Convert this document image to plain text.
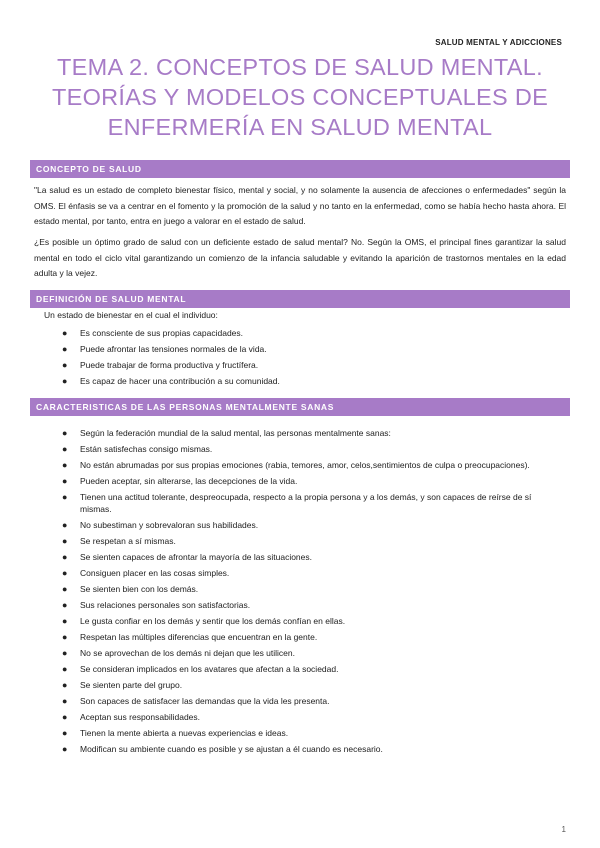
SALUD MENTAL Y ADICCIONES
TEMA 2. CONCEPTOS DE SALUD MENTAL.
TEORÍAS Y MODELOS CONCEPTUALES DE
ENFERMERÍA EN SALUD MENTAL
CONCEPTO DE SALUD
"La salud es un estado de completo bienestar físico, mental y social, y no solamente la ausencia de afecciones o enfermedades" según la OMS. El énfasis se va a centrar en el fomento y la promoción de la salud y no tanto en la enfermedad, como se había hecho hasta ahora. El estado mental, por tanto, entra en juego a valorar en el estado de salud.
¿Es posible un óptimo grado de salud con un deficiente estado de salud mental? No. Según la OMS, el principal fines garantizar la salud mental en todo el ciclo vital garantizando un comienzo de la infancia saludable y evitando la aparición de trastornos mentales en la edad adulta y la vejez.
DEFINICIÓN DE SALUD MENTAL
Un estado de bienestar en el cual el individuo:
● Es consciente de sus propias capacidades.
● Puede afrontar las tensiones normales de la vida.
● Puede trabajar de forma productiva y fructífera.
● Es capaz de hacer una contribución a su comunidad.
CARACTERISTICAS DE LAS PERSONAS MENTALMENTE SANAS
● Según la federación mundial de la salud mental, las personas mentalmente sanas:
● Están satisfechas consigo mismas.
● No están abrumadas por sus propias emociones (rabia, temores, amor, celos,sentimientos de culpa o preocupaciones).
● Pueden aceptar, sin alterarse, las decepciones de la vida.
● Tienen una actitud tolerante, despreocupada, respecto a la propia persona y a los demás, y son capaces de reírse de sí mismas.
● No subestiman y sobrevaloran sus habilidades.
● Se respetan a sí mismas.
● Se sienten capaces de afrontar la mayoría de las situaciones.
● Consiguen placer en las cosas simples.
● Se sienten bien con los demás.
● Sus relaciones personales son satisfactorias.
● Le gusta confiar en los demás y sentir que los demás confían en ellas.
● Respetan las múltiples diferencias que encuentran en la gente.
● No se aprovechan de los demás ni dejan que les utilicen.
● Se consideran implicados en los avatares que afectan a la sociedad.
● Se sienten parte del grupo.
● Son capaces de satisfacer las demandas que la vida les presenta.
● Aceptan sus responsabilidades.
● Tienen la mente abierta a nuevas experiencias e ideas.
● Modifican su ambiente cuando es posible y se ajustan a él cuando es necesario.
1
